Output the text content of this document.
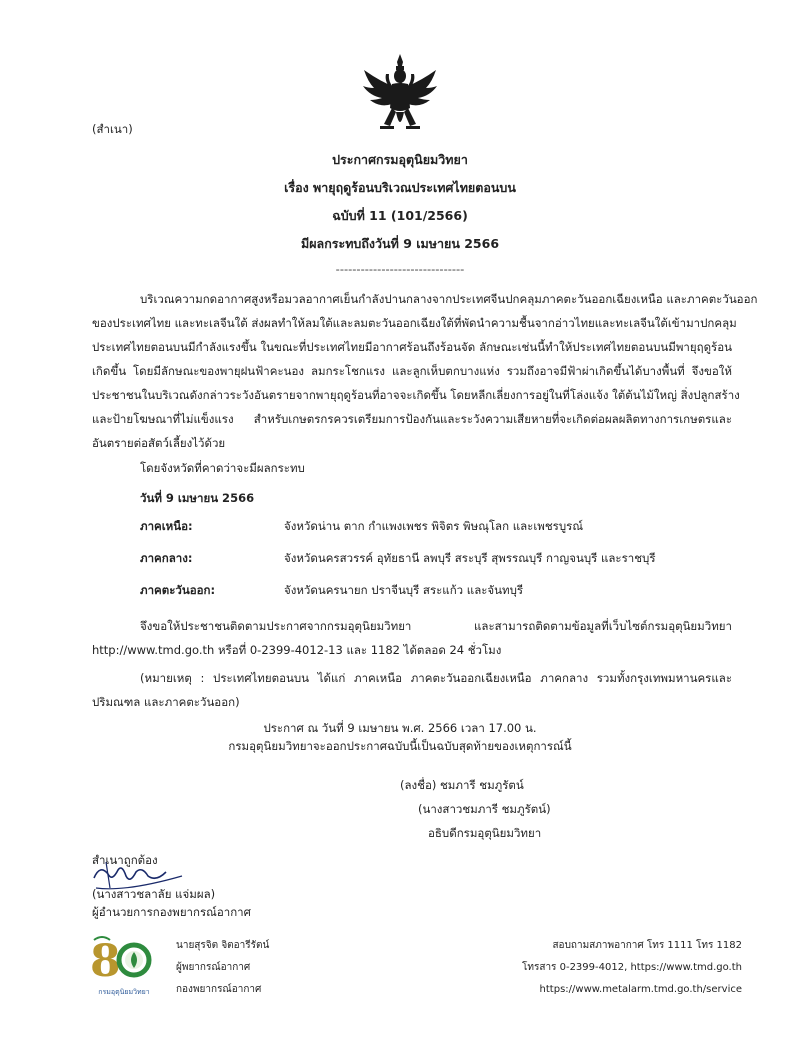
(สำเนา)
ประกาศกรมอุตุนิยมวิทยา
เรื่อง พายุฤดูร้อนบริเวณประเทศไทยตอนบน
ฉบับที่ 11 (101/2566)
มีผลกระทบถึงวันที่ 9 เมษายน 2566
-------------------------------
บริเวณความกดอากาศสูงหรือมวลอากาศเย็นกำลังปานกลางจากประเทศจีนปกคลุมภาคตะวันออกเฉียงเหนือ และภาคตะวันออก
ของประเทศไทย และทะเลจีนใต้ ส่งผลทำให้ลมใต้และลมตะวันออกเฉียงใต้ที่พัดนำความชื้นจากอ่าวไทยและทะเลจีนใต้เข้ามาปกคลุม
ประเทศไทยตอนบนมีกำลังแรงขึ้น ในขณะที่ประเทศไทยมีอากาศร้อนถึงร้อนจัด ลักษณะเช่นนี้ทำให้ประเทศไทยตอนบนมีพายุฤดูร้อน
เกิดขึ้น โดยมีลักษณะของพายุฝนฟ้าคะนอง ลมกระโชกแรง และลูกเห็บตกบางแห่ง รวมถึงอาจมีฟ้าผ่าเกิดขึ้นได้บางพื้นที่ จึงขอให้
ประชาชนในบริเวณดังกล่าวระวังอันตรายจากพายุฤดูร้อนที่อาจจะเกิดขึ้น โดยหลีกเลี่ยงการอยู่ในที่โล่งแจ้ง ใต้ต้นไม้ใหญ่ สิ่งปลูกสร้าง
และป้ายโฆษณาที่ไม่แข็งแรง สำหรับเกษตรกรควรเตรียมการป้องกันและระวังความเสียหายที่จะเกิดต่อผลผลิตทางการเกษตรและ
อันตรายต่อสัตว์เลี้ยงไว้ด้วย
โดยจังหวัดที่คาดว่าจะมีผลกระทบ
วันที่ 9 เมษายน 2566
ภาคเหนือ:	จังหวัดน่าน ตาก กำแพงเพชร พิจิตร พิษณุโลก และเพชรบูรณ์
ภาคกลาง:	จังหวัดนครสวรรค์ อุทัยธานี ลพบุรี สระบุรี สุพรรณบุรี กาญจนบุรี และราชบุรี
ภาคตะวันออก:	จังหวัดนครนายก ปราจีนบุรี สระแก้ว และจันทบุรี
จึงขอให้ประชาชนติดตามประกาศจากกรมอุตุนิยมวิทยา และสามารถติดตามข้อมูลที่เว็บไซต์กรมอุตุนิยมวิทยา
http://www.tmd.go.th หรือที่ 0-2399-4012-13 และ 1182 ได้ตลอด 24 ชั่วโมง
(หมายเหตุ : ประเทศไทยตอนบน ได้แก่ ภาคเหนือ ภาคตะวันออกเฉียงเหนือ ภาคกลาง รวมทั้งกรุงเทพมหานครและ
ปริมณฑล และภาคตะวันออก)
ประกาศ ณ วันที่ 9 เมษายน พ.ศ. 2566 เวลา 17.00 น.
กรมอุตุนิยมวิทยาจะออกประกาศฉบับนี้เป็นฉบับสุดท้ายของเหตุการณ์นี้
(ลงชื่อ) ชมภารี ชมภูรัตน์
(นางสาวชมภารี ชมภูรัตน์)
อธิบดีกรมอุตุนิยมวิทยา
สำเนาถูกต้อง
(นางสาวชลาลัย แจ่มผล)
ผู้อำนวยการกองพยากรณ์อากาศ
8
กรมอุตุนิยมวิทยา
นายสุรจิต จิตอารีรัตน์
ผู้พยากรณ์อากาศ
กองพยากรณ์อากาศ
สอบถามสภาพอากาศ โทร 1111 โทร 1182
โทรสาร 0-2399-4012, https://www.tmd.go.th
https://www.metalarm.tmd.go.th/service
